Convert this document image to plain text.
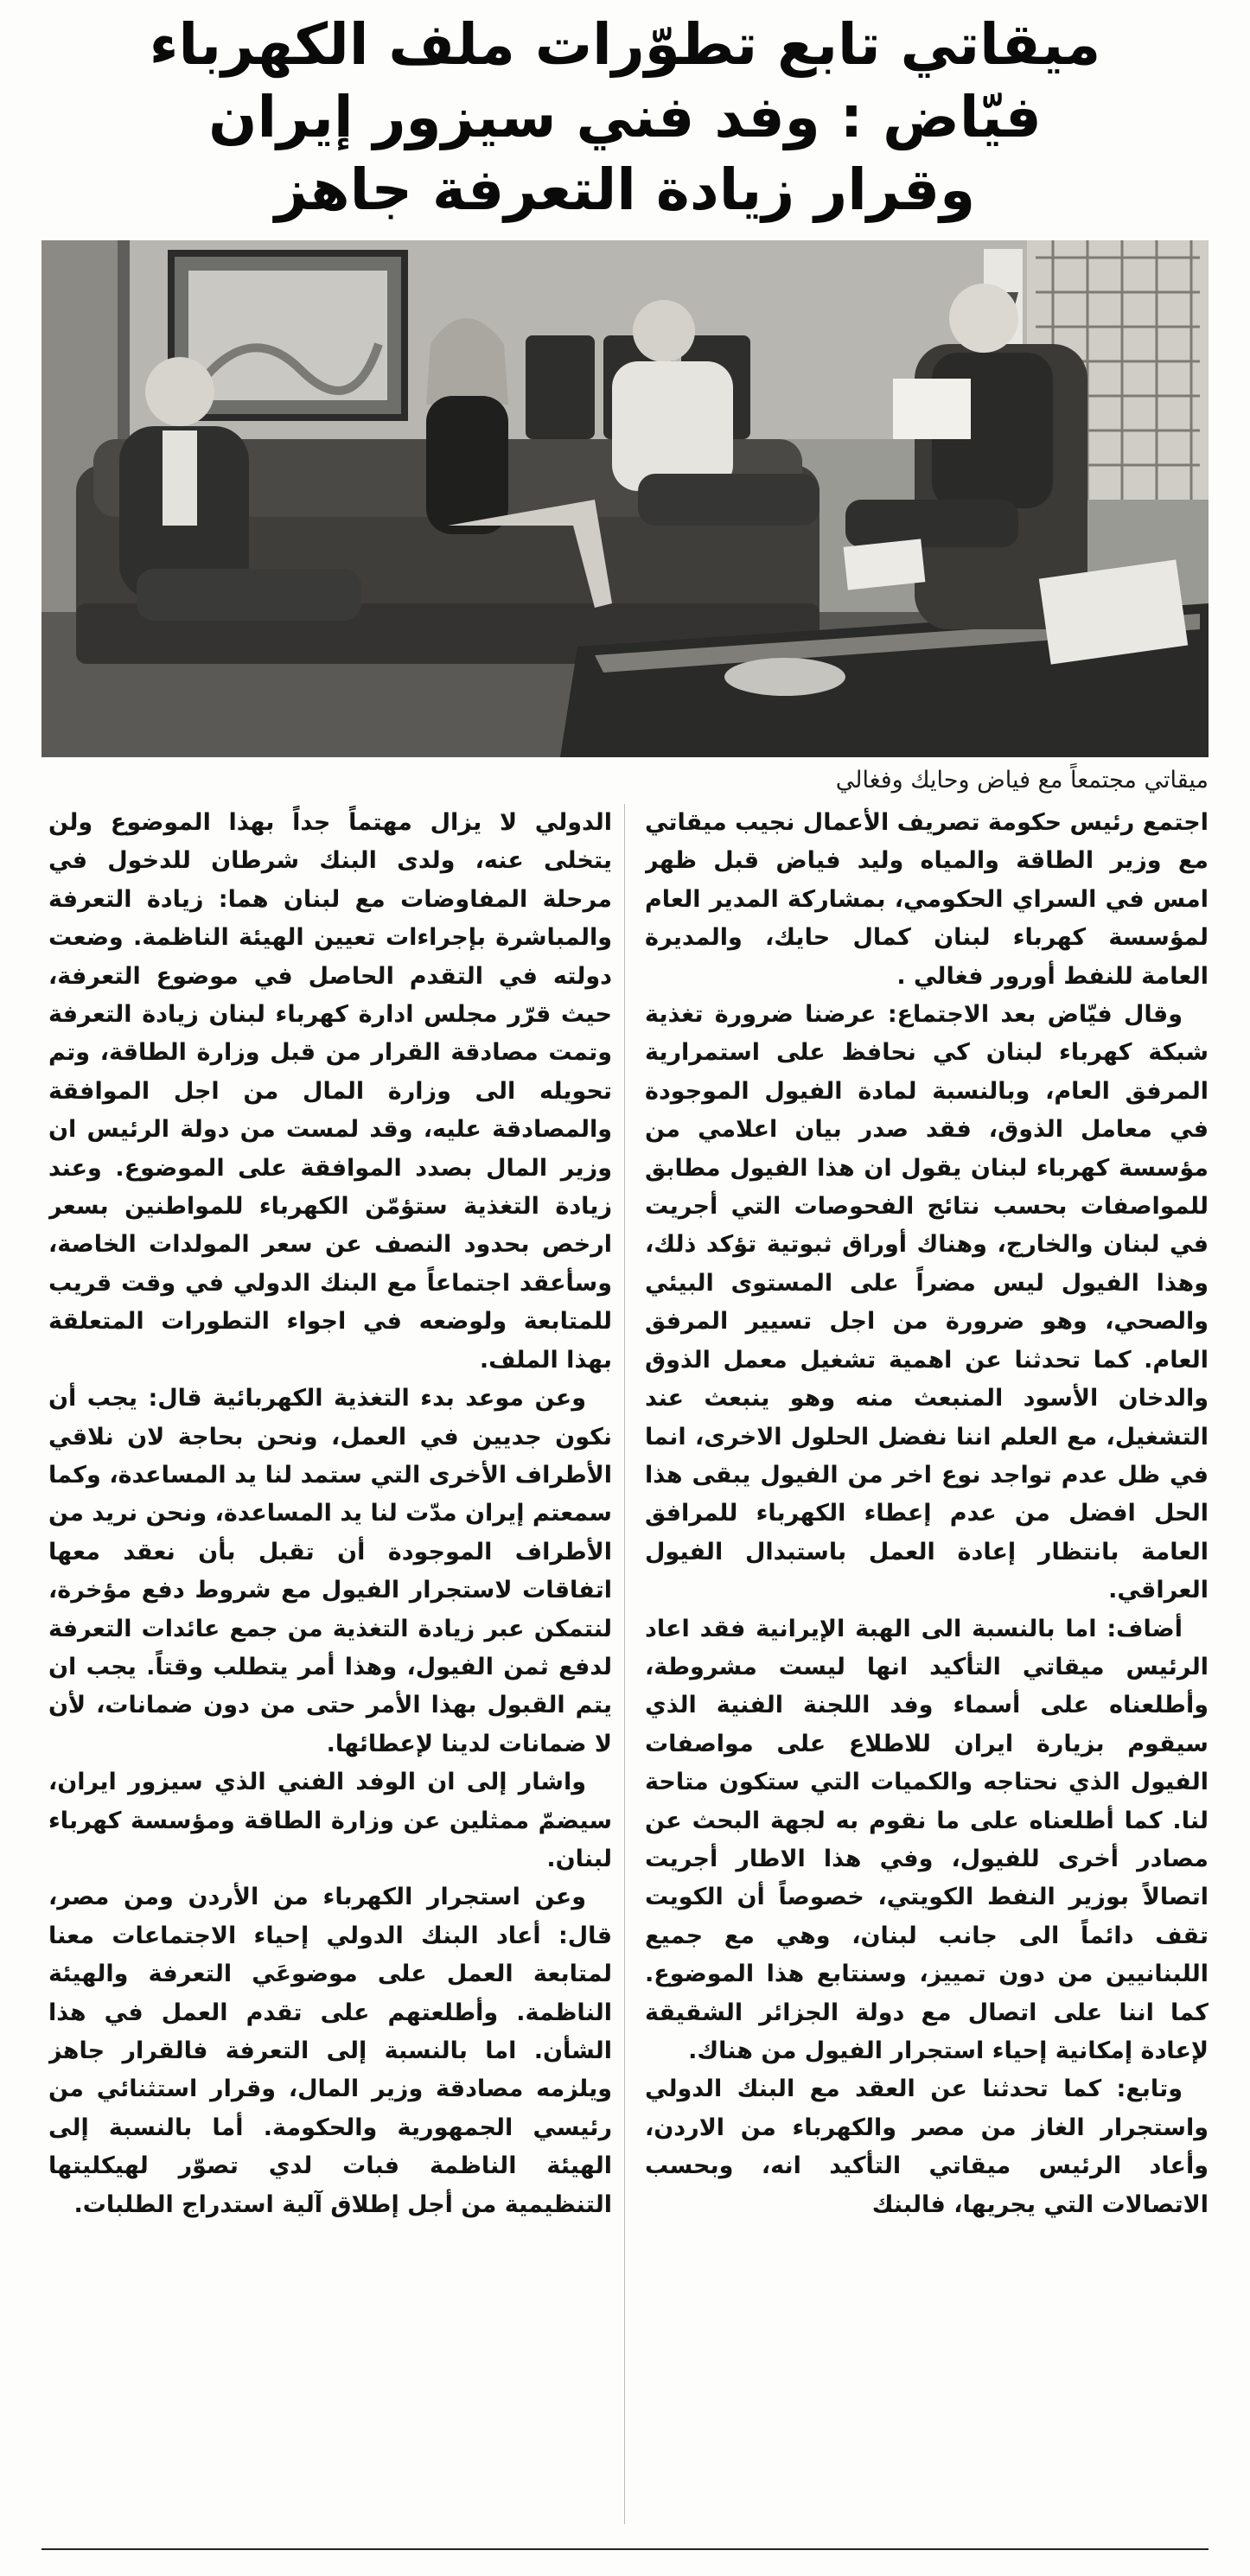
ميقاتي تابع تطوّرات ملف الكهرباء
فيّاض : وفد فني سيزور إيران
وقرار زيادة التعرفة جاهز
ميقاتي مجتمعاً مع فياض وحايك وفغالي

اجتمع رئيس حكومة تصريف الأعمال نجيب ميقاتي مع وزير الطاقة والمياه وليد فياض قبل ظهر امس في السراي الحكومي، بمشاركة المدير العام لمؤسسة كهرباء لبنان كمال حايك، والمديرة العامة للنفط أورور فغالي .

وقال فيّاض بعد الاجتماع: عرضنا ضرورة تغذية شبكة كهرباء لبنان كي نحافظ على استمرارية المرفق العام، وبالنسبة لمادة الفيول الموجودة في معامل الذوق، فقد صدر بيان اعلامي من مؤسسة كهرباء لبنان يقول ان هذا الفيول مطابق للمواصفات بحسب نتائج الفحوصات التي أجريت في لبنان والخارج، وهناك أوراق ثبوتية تؤكد ذلك، وهذا الفيول ليس مضراً على المستوى البيئي والصحي، وهو ضرورة من اجل تسيير المرفق العام. كما تحدثنا عن اهمية تشغيل معمل الذوق والدخان الأسود المنبعث منه وهو ينبعث عند التشغيل، مع العلم اننا نفضل الحلول الاخرى، انما في ظل عدم تواجد نوع اخر من الفيول يبقى هذا الحل افضل من عدم إعطاء الكهرباء للمرافق العامة بانتظار إعادة العمل باستبدال الفيول العراقي.

أضاف: اما بالنسبة الى الهبة الإيرانية فقد اعاد الرئيس ميقاتي التأكيد انها ليست مشروطة، وأطلعناه على أسماء وفد اللجنة الفنية الذي سيقوم بزيارة ايران للاطلاع على مواصفات الفيول الذي نحتاجه والكميات التي ستكون متاحة لنا. كما أطلعناه على ما نقوم به لجهة البحث عن مصادر أخرى للفيول، وفي هذا الاطار أجريت اتصالاً بوزير النفط الكويتي، خصوصاً أن الكويت تقف دائماً الى جانب لبنان، وهي مع جميع اللبنانيين من دون تمييز، وسنتابع هذا الموضوع. كما اننا على اتصال مع دولة الجزائر الشقيقة لإعادة إمكانية إحياء استجرار الفيول من هناك.

وتابع: كما تحدثنا عن العقد مع البنك الدولي واستجرار الغاز من مصر والكهرباء من الاردن، وأعاد الرئيس ميقاتي التأكيد انه، وبحسب الاتصالات التي يجريها، فالبنك

الدولي لا يزال مهتماً جداً بهذا الموضوع ولن يتخلى عنه، ولدى البنك شرطان للدخول في مرحلة المفاوضات مع لبنان هما: زيادة التعرفة والمباشرة بإجراءات تعيين الهيئة الناظمة. وضعت دولته في التقدم الحاصل في موضوع التعرفة، حيث قرّر مجلس ادارة كهرباء لبنان زيادة التعرفة وتمت مصادقة القرار من قبل وزارة الطاقة، وتم تحويله الى وزارة المال من اجل الموافقة والمصادقة عليه، وقد لمست من دولة الرئيس ان وزير المال بصدد الموافقة على الموضوع. وعند زيادة التغذية ستؤمّن الكهرباء للمواطنين بسعر ارخص بحدود النصف عن سعر المولدات الخاصة، وسأعقد اجتماعاً مع البنك الدولي في وقت قريب للمتابعة ولوضعه في اجواء التطورات المتعلقة بهذا الملف.

وعن موعد بدء التغذية الكهربائية قال: يجب أن نكون جديين في العمل، ونحن بحاجة لان نلاقي الأطراف الأخرى التي ستمد لنا يد المساعدة، وكما سمعتم إيران مدّت لنا يد المساعدة، ونحن نريد من الأطراف الموجودة أن تقبل بأن نعقد معها اتفاقات لاستجرار الفيول مع شروط دفع مؤخرة، لنتمكن عبر زيادة التغذية من جمع عائدات التعرفة لدفع ثمن الفيول، وهذا أمر يتطلب وقتاً. يجب ان يتم القبول بهذا الأمر حتى من دون ضمانات، لأن لا ضمانات لدينا لإعطائها.

واشار إلى ان الوفد الفني الذي سيزور ايران، سيضمّ ممثلين عن وزارة الطاقة ومؤسسة كهرباء لبنان.

وعن استجرار الكهرباء من الأردن ومن مصر، قال: أعاد البنك الدولي إحياء الاجتماعات معنا لمتابعة العمل على موضوعَي التعرفة والهيئة الناظمة. وأطلعتهم على تقدم العمل في هذا الشأن. اما بالنسبة إلى التعرفة فالقرار جاهز ويلزمه مصادقة وزير المال، وقرار استثنائي من رئيسي الجمهورية والحكومة. أما بالنسبة إلى الهيئة الناظمة فبات لدي تصوّر لهيكليتها التنظيمية من أجل إطلاق آلية استدراج الطلبات.
